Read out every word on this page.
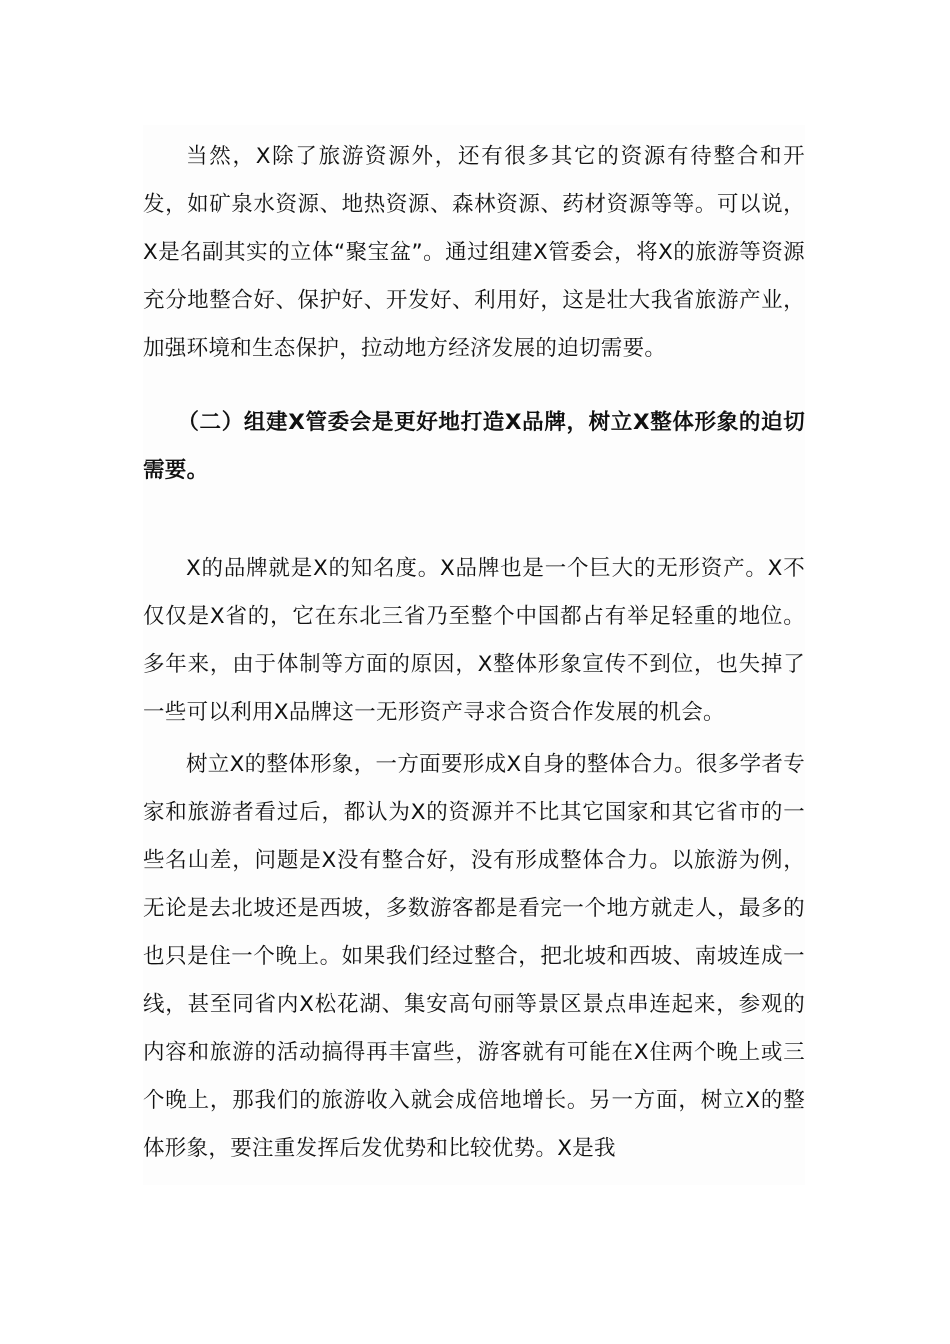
当然，X除了旅游资源外，还有很多其它的资源有待整合和开发，如矿泉水资源、地热资源、森林资源、药材资源等等。可以说，X是名副其实的立体“聚宝盆”。通过组建X管委会，将X的旅游等资源充分地整合好、保护好、开发好、利用好，这是壮大我省旅游产业，加强环境和生态保护，拉动地方经济发展的迫切需要。

（二）组建X管委会是更好地打造X品牌，树立X整体形象的迫切需要。

X的品牌就是X的知名度。X品牌也是一个巨大的无形资产。X不仅仅是X省的，它在东北三省乃至整个中国都占有举足轻重的地位。多年来，由于体制等方面的原因，X整体形象宣传不到位，也失掉了一些可以利用X品牌这一无形资产寻求合资合作发展的机会。

树立X的整体形象，一方面要形成X自身的整体合力。很多学者专家和旅游者看过后，都认为X的资源并不比其它国家和其它省市的一些名山差，问题是X没有整合好，没有形成整体合力。以旅游为例，无论是去北坡还是西坡，多数游客都是看完一个地方就走人，最多的也只是住一个晚上。如果我们经过整合，把北坡和西坡、南坡连成一线，甚至同省内X松花湖、集安高句丽等景区景点串连起来，参观的内容和旅游的活动搞得再丰富些，游客就有可能在X住两个晚上或三个晚上，那我们的旅游收入就会成倍地增长。另一方面，树立X的整体形象，要注重发挥后发优势和比较优势。X是我
